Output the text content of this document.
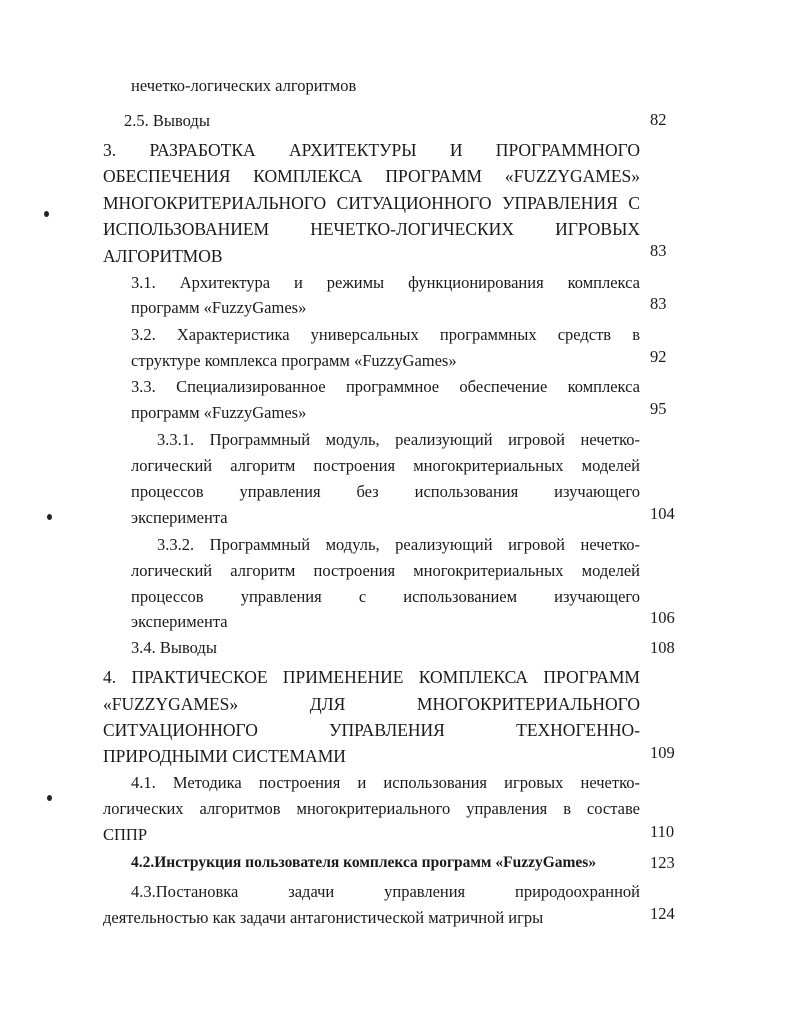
нечетко-логических алгоритмов
2.5. Выводы	82
3. РАЗРАБОТКА АРХИТЕКТУРЫ И ПРОГРАММНОГО
ОБЕСПЕЧЕНИЯ КОМПЛЕКСА ПРОГРАММ «FUZZYGAMES»
МНОГОКРИТЕРИАЛЬНОГО СИТУАЦИОННОГО УПРАВЛЕНИЯ С
ИСПОЛЬЗОВАНИЕМ НЕЧЕТКО-ЛОГИЧЕСКИХ ИГРОВЫХ
АЛГОРИТМОВ	83
3.1. Архитектура и режимы функционирования комплекса
программ «FuzzyGames»	83
3.2. Характеристика универсальных программных средств в
структуре комплекса программ «FuzzyGames»	92
3.3. Специализированное программное обеспечение комплекса
программ «FuzzyGames»	95
3.3.1. Программный модуль, реализующий игровой нечетко-
логический алгоритм построения многокритериальных моделей
процессов управления без использования изучающего
эксперимента	104
3.3.2. Программный модуль, реализующий игровой нечетко-
логический алгоритм построения многокритериальных моделей
процессов управления с использованием изучающего
эксперимента	106
3.4. Выводы	108
4. ПРАКТИЧЕСКОЕ ПРИМЕНЕНИЕ КОМПЛЕКСА ПРОГРАММ
«FUZZYGAMES» ДЛЯ МНОГОКРИТЕРИАЛЬНОГО
СИТУАЦИОННОГО УПРАВЛЕНИЯ ТЕХНОГЕННО-
ПРИРОДНЫМИ СИСТЕМАМИ	109
4.1. Методика построения и использования игровых нечетко-
логических алгоритмов многокритериального управления в составе
СППР	110
4.2.Инструкция пользователя комплекса программ «FuzzyGames»	123
4.3.Постановка задачи управления природоохранной
деятельностью как задачи антагонистической матричной игры	124
